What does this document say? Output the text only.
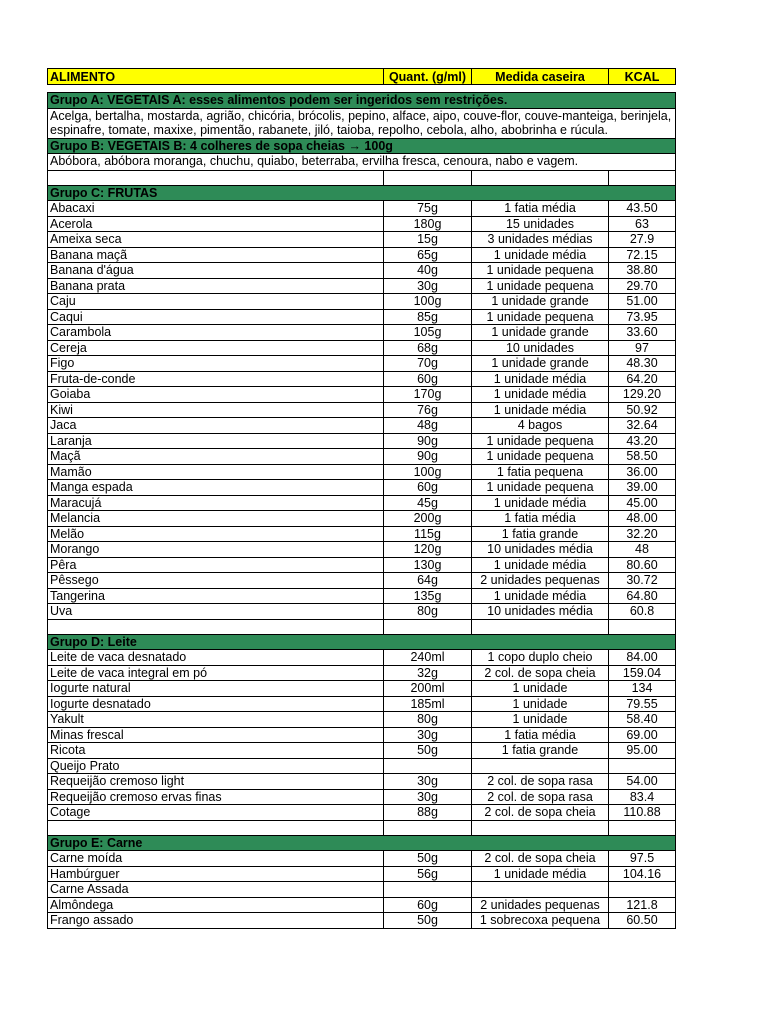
ALIMENTO	Quant. (g/ml)	Medida caseira	KCAL

Grupo A: VEGETAIS A: esses alimentos podem ser ingeridos sem restrições.			
Acelga, bertalha, mostarda, agrião, chicória, brócolis, pepino, alface, aipo, couve-flor, couve-manteiga, berinjela, espinafre, tomate, maxixe, pimentão, rabanete, jiló, taioba, repolho, cebola, alho, abobrinha e rúcula.			
Grupo B: VEGETAIS B: 4 colheres de sopa cheias → 100g			
Abóbora, abóbora moranga, chuchu, quiabo, beterraba, ervilha fresca, cenoura, nabo e vagem.			

Grupo C: FRUTAS			
Abacaxi	75g	1 fatia média	43.50
Acerola	180g	15 unidades	63
Ameixa seca	15g	3 unidades médias	27.9
Banana maçã	65g	1 unidade média	72.15
Banana d'água	40g	1 unidade pequena	38.80
Banana prata	30g	1 unidade pequena	29.70
Caju	100g	1 unidade grande	51.00
Caqui	85g	1 unidade pequena	73.95
Carambola	105g	1 unidade grande	33.60
Cereja	68g	10 unidades	97
Figo	70g	1 unidade grande	48.30
Fruta-de-conde	60g	1 unidade média	64.20
Goiaba	170g	1 unidade média	129.20
Kiwi	76g	1 unidade média	50.92
Jaca	48g	4 bagos	32.64
Laranja	90g	1 unidade pequena	43.20
Maçã	90g	1 unidade pequena	58.50
Mamão	100g	1 fatia pequena	36.00
Manga espada	60g	1 unidade pequena	39.00
Maracujá	45g	1 unidade média	45.00
Melancia	200g	1 fatia média	48.00
Melão	115g	1 fatia grande	32.20
Morango	120g	10 unidades média	48
Pêra	130g	1 unidade média	80.60
Pêssego	64g	2 unidades pequenas	30.72
Tangerina	135g	1 unidade média	64.80
Uva	80g	10 unidades média	60.8

Grupo D: Leite			
Leite de vaca desnatado	240ml	1 copo duplo cheio	84.00
Leite de vaca integral em pó	32g	2 col. de sopa cheia	159.04
Iogurte natural	200ml	1 unidade	134
Iogurte desnatado	185ml	1 unidade	79.55
Yakult	80g	1 unidade	58.40
Minas frescal	30g	1 fatia média	69.00
Ricota	50g	1 fatia grande	95.00
Queijo Prato			
Requeijão cremoso light	30g	2 col. de sopa rasa	54.00
Requeijão cremoso ervas finas	30g	2 col. de sopa rasa	83.4
Cotage	88g	2 col. de sopa cheia	110.88

Grupo E: Carne			
Carne moída	50g	2 col. de sopa cheia	97.5
Hambúrguer	56g	1 unidade média	104.16
Carne Assada			
Almôndega	60g	2 unidades pequenas	121.8
Frango assado	50g	1 sobrecoxa pequena	60.50
